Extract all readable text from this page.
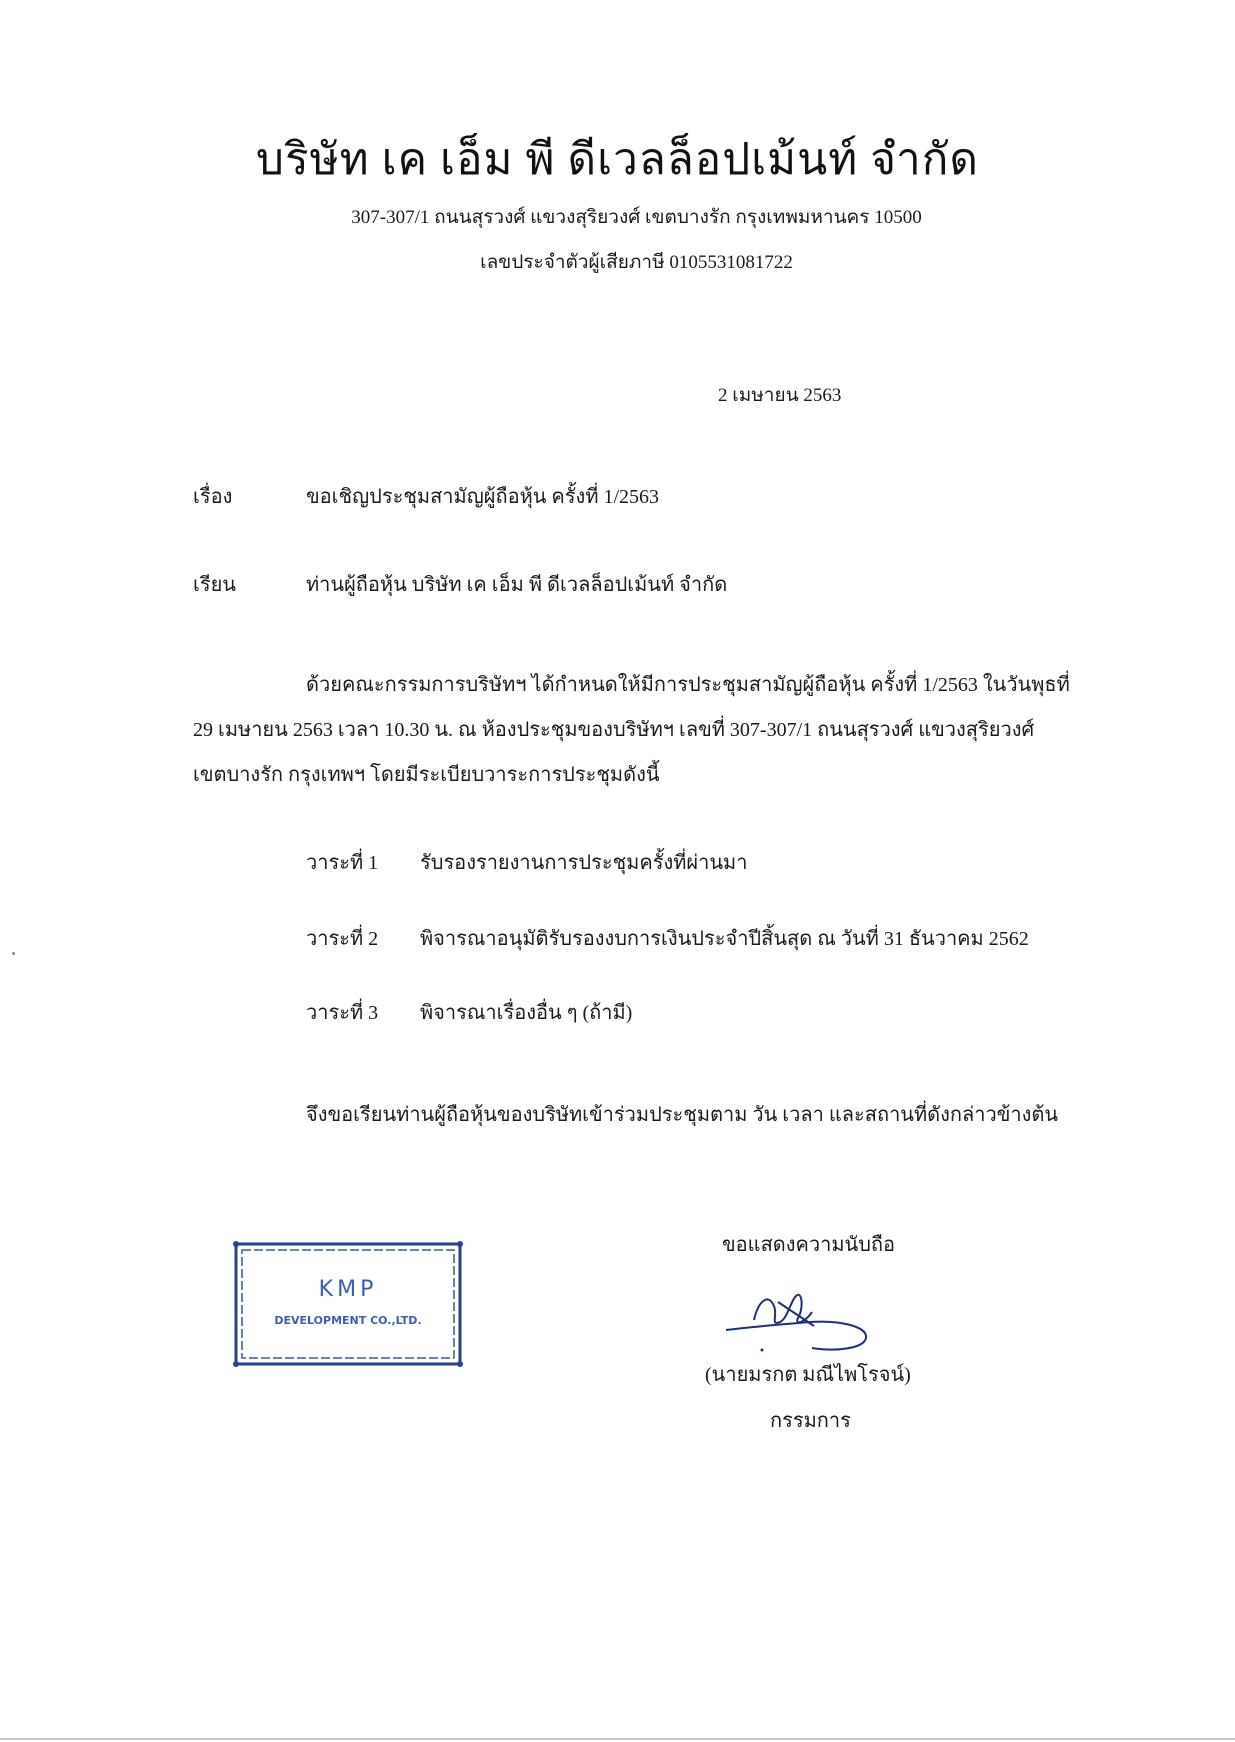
บริษัท เค เอ็ม พี ดีเวลล็อปเม้นท์ จำกัด
307-307/1 ถนนสุรวงศ์ แขวงสุริยวงศ์ เขตบางรัก กรุงเทพมหานคร 10500
เลขประจำตัวผู้เสียภาษี 0105531081722
2 เมษายน 2563
เรื่อง	ขอเชิญประชุมสามัญผู้ถือหุ้น ครั้งที่ 1/2563
เรียน	ท่านผู้ถือหุ้น บริษัท เค เอ็ม พี ดีเวลล็อปเม้นท์ จำกัด
ด้วยคณะกรรมการบริษัทฯ ได้กำหนดให้มีการประชุมสามัญผู้ถือหุ้น ครั้งที่ 1/2563 ในวันพุธที่
29 เมษายน 2563 เวลา 10.30 น. ณ ห้องประชุมของบริษัทฯ เลขที่ 307-307/1 ถนนสุรวงศ์ แขวงสุริยวงศ์
เขตบางรัก กรุงเทพฯ โดยมีระเบียบวาระการประชุมดังนี้
วาระที่ 1 รับรองรายงานการประชุมครั้งที่ผ่านมา
วาระที่ 2 พิจารณาอนุมัติรับรองงบการเงินประจำปีสิ้นสุด ณ วันที่ 31 ธันวาคม 2562
วาระที่ 3 พิจารณาเรื่องอื่น ๆ (ถ้ามี)
จึงขอเรียนท่านผู้ถือหุ้นของบริษัทเข้าร่วมประชุมตาม วัน เวลา และสถานที่ดังกล่าวข้างต้น
ขอแสดงความนับถือ
KMP
DEVELOPMENT CO.,LTD.
(นายมรกต มณีไพโรจน์)
กรรมการ
